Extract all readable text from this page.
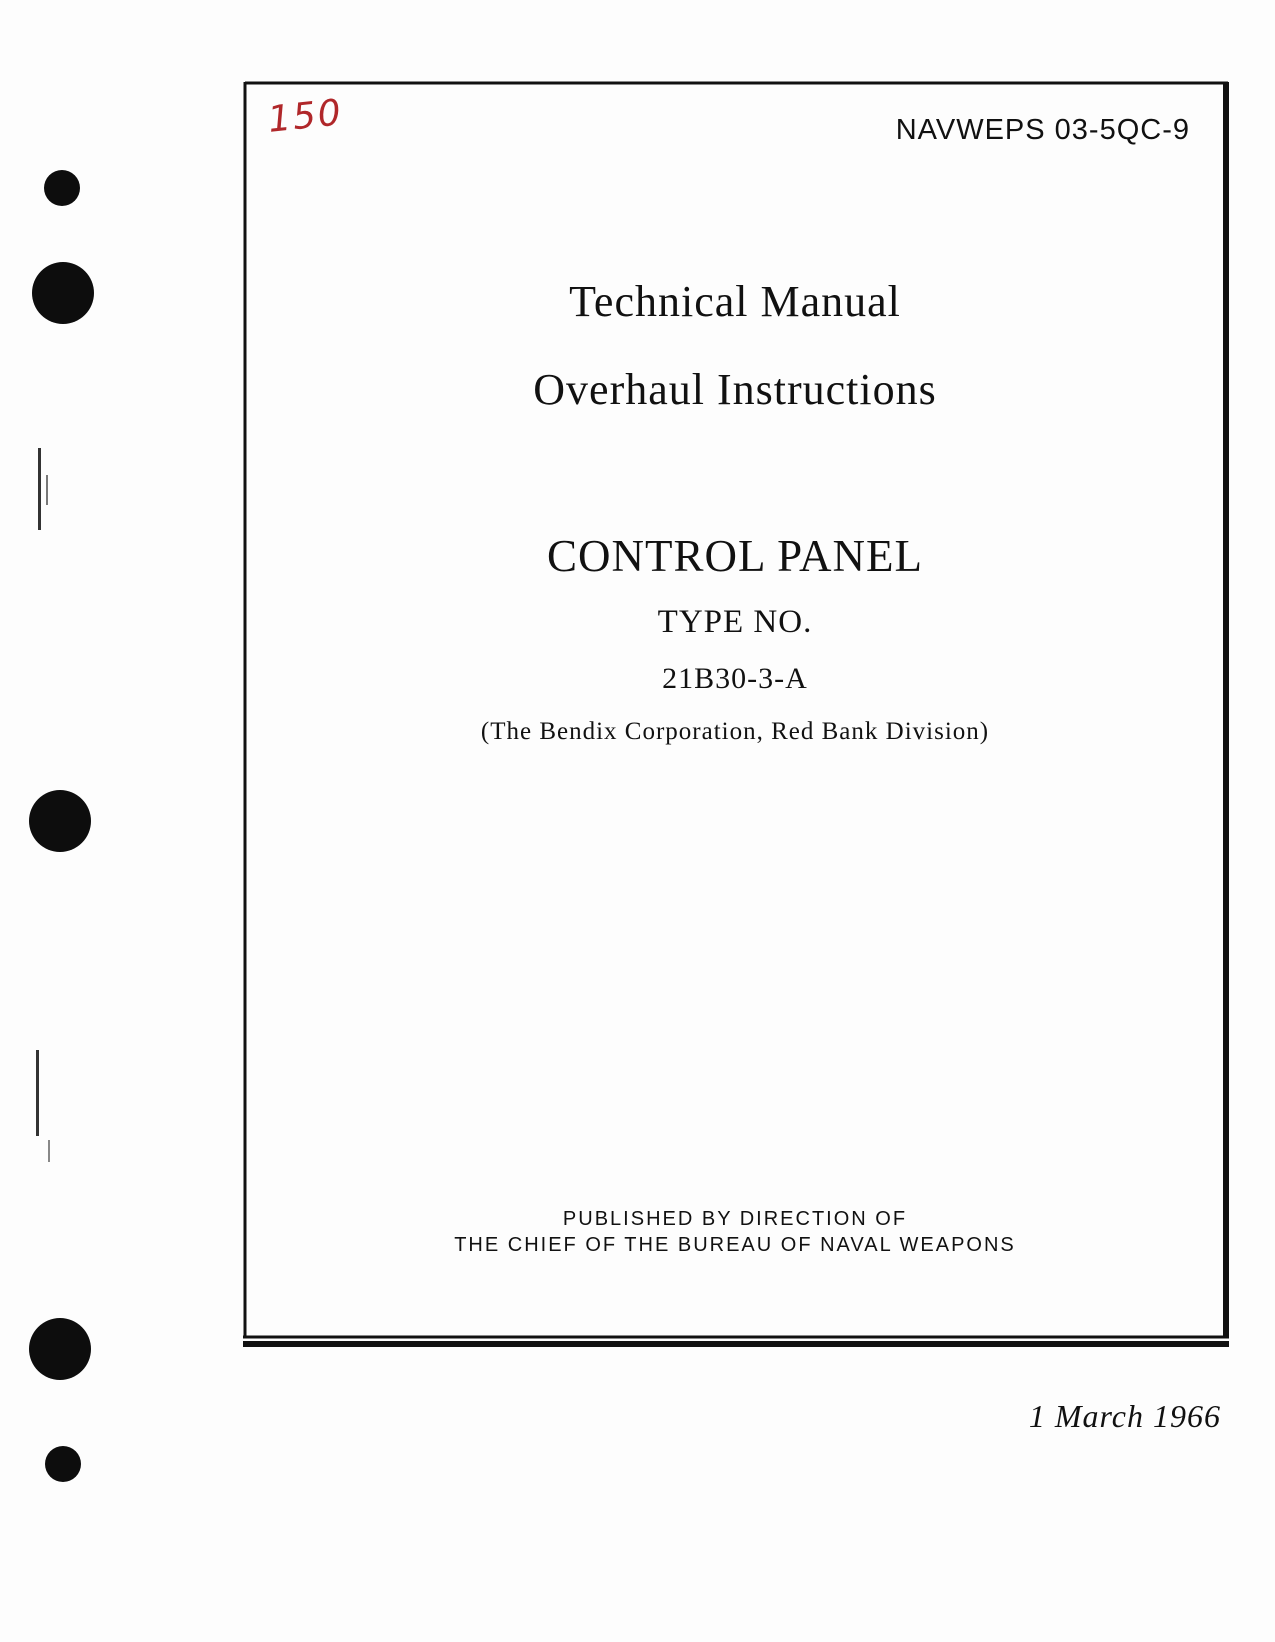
150	NAVWEPS 03-5QC-9
Technical Manual
Overhaul Instructions
CONTROL PANEL
TYPE NO.
21B30-3-A
(The Bendix Corporation, Red Bank Division)
PUBLISHED BY DIRECTION OF
THE CHIEF OF THE BUREAU OF NAVAL WEAPONS
1 March 1966
